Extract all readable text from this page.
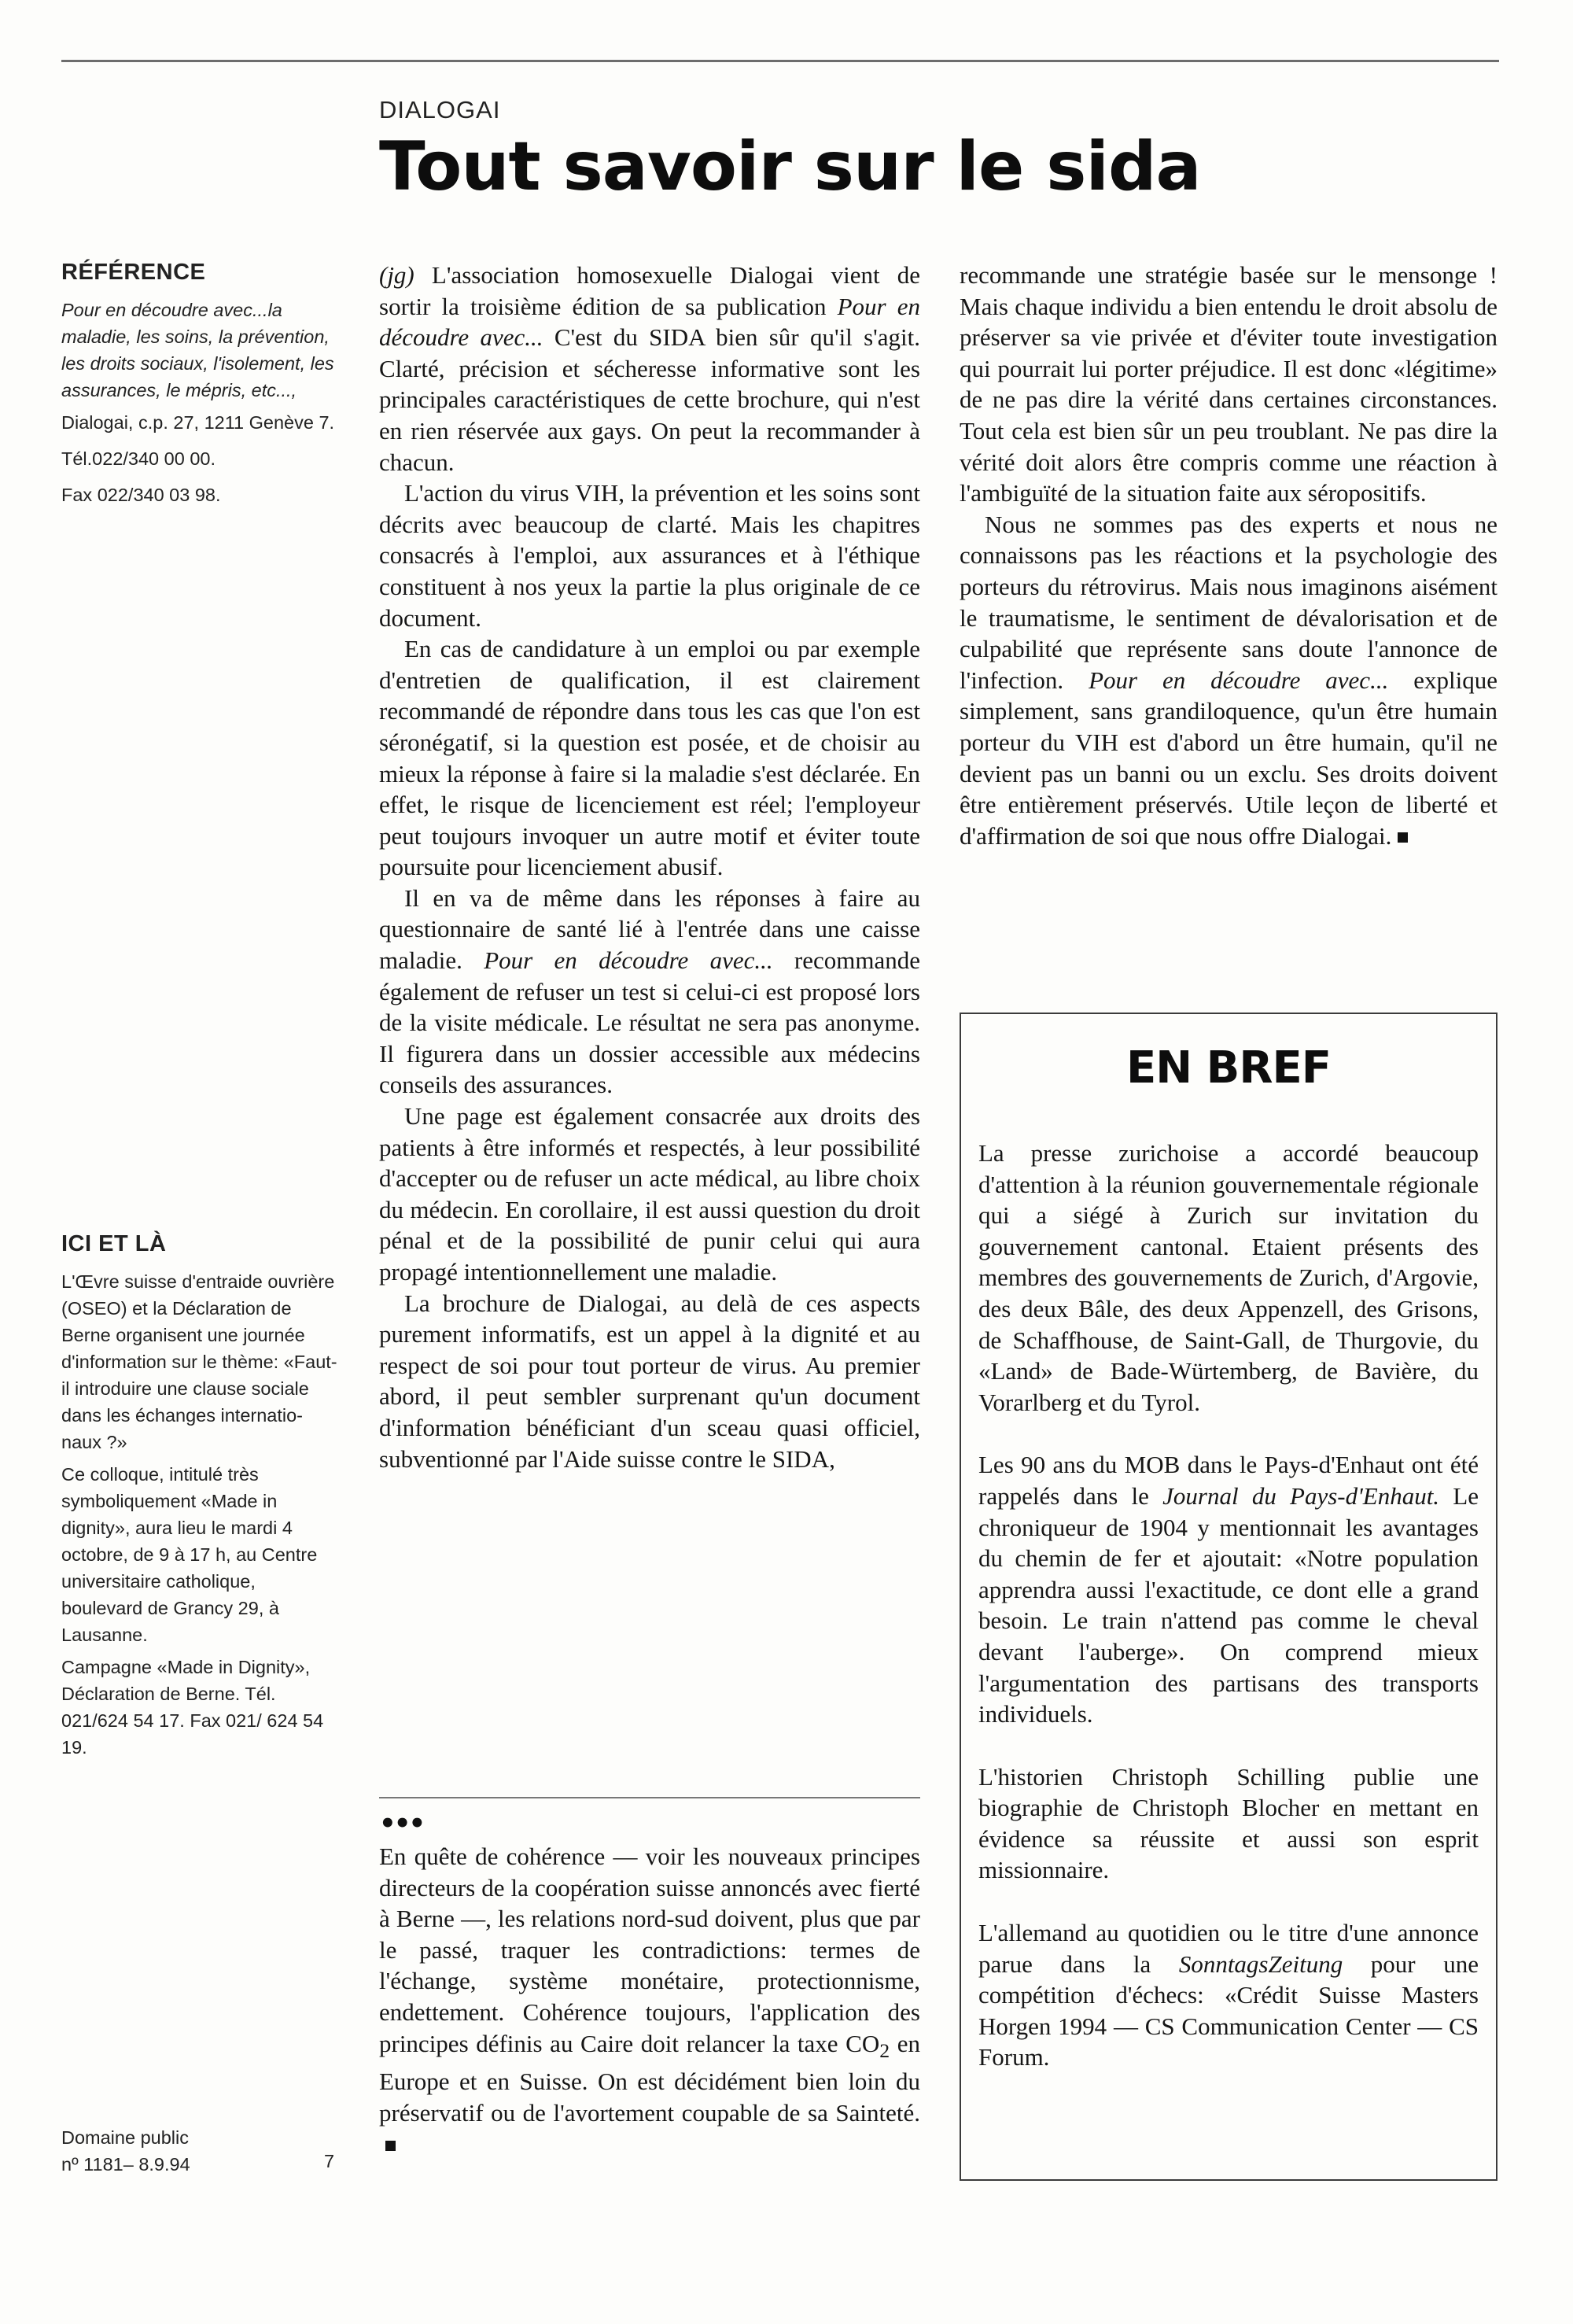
DIALOGAI
Tout savoir sur le sida
RÉFÉRENCE

Pour en découdre avec...la maladie, les soins, la prévention, les droits sociaux, l'isolement, les assurances, le mépris, etc...,

Dialogai, c.p. 27, 1211 Genève 7.

Tél.022/340 00 00.

Fax 022/340 03 98.

ICI ET LÀ

L'Œvre suisse d'entraide ouvrière (OSEO) et la Déclaration de Berne organisent une journée d'information sur le thème: «Faut-il introduire une clause sociale dans les échanges internatio-naux ?»

Ce colloque, intitulé très symboliquement «Made in dignity», aura lieu le mardi 4 octobre, de 9 à 17 h, au Centre universitaire catholique, boulevard de Grancy 29, à Lausanne.

Campagne «Made in Dignity», Déclaration de Berne. Tél. 021/624 54 17. Fax 021/ 624 54 19.

Domaine public
nº 1181– 8.9.94	7

(jg) L'association homosexuelle Dialogai vient de sortir la troisième édition de sa publication Pour en découdre avec... C'est du SIDA bien sûr qu'il s'agit. Clarté, précision et sécheresse informative sont les principales caractéristiques de cette brochure, qui n'est en rien réservée aux gays. On peut la recommander à chacun.

L'action du virus VIH, la prévention et les soins sont décrits avec beaucoup de clarté. Mais les chapitres consacrés à l'emploi, aux assurances et à l'éthique constituent à nos yeux la partie la plus originale de ce document.

En cas de candidature à un emploi ou par exemple d'entretien de qualification, il est clairement recommandé de répondre dans tous les cas que l'on est séronégatif, si la question est posée, et de choisir au mieux la réponse à faire si la maladie s'est déclarée. En effet, le risque de licenciement est réel; l'employeur peut toujours invoquer un autre motif et éviter toute poursuite pour licenciement abusif.

Il en va de même dans les réponses à faire au questionnaire de santé lié à l'entrée dans une caisse maladie. Pour en découdre avec... recommande également de refuser un test si celui-ci est proposé lors de la visite médicale. Le résultat ne sera pas anonyme. Il figurera dans un dossier accessible aux médecins conseils des assurances.

Une page est également consacrée aux droits des patients à être informés et respectés, à leur possibilité d'accepter ou de refuser un acte médical, au libre choix du médecin. En corollaire, il est aussi question du droit pénal et de la possibilité de punir celui qui aura propagé intentionnellement une maladie.

La brochure de Dialogai, au delà de ces aspects purement informatifs, est un appel à la dignité et au respect de soi pour tout porteur de virus. Au premier abord, il peut sembler surprenant qu'un document d'information bénéficiant d'un sceau quasi officiel, subventionné par l'Aide suisse contre le SIDA,

recommande une stratégie basée sur le mensonge ! Mais chaque individu a bien entendu le droit absolu de préserver sa vie privée et d'éviter toute investigation qui pourrait lui porter préjudice. Il est donc «légitime» de ne pas dire la vérité dans certaines circonstances. Tout cela est bien sûr un peu troublant. Ne pas dire la vérité doit alors être compris comme une réaction à l'ambiguïté de la situation faite aux séropositifs.

Nous ne sommes pas des experts et nous ne connaissons pas les réactions et la psychologie des porteurs du rétrovirus. Mais nous imaginons aisément le traumatisme, le sentiment de dévalorisation et de culpabilité que représente sans doute l'annonce de l'infection. Pour en découdre avec... explique simplement, sans grandiloquence, qu'un être humain porteur du VIH est d'abord un être humain, qu'il ne devient pas un banni ou un exclu. Ses droits doivent être entièrement préservés. Utile leçon de liberté et d'affirmation de soi que nous offre Dialogai.

•••

En quête de cohérence — voir les nouveaux principes directeurs de la coopération suisse annoncés avec fierté à Berne —, les relations nord-sud doivent, plus que par le passé, traquer les contradictions: termes de l'échange, système monétaire, protectionnisme, endettement. Cohérence toujours, l'application des principes définis au Caire doit relancer la taxe $CO_2$ en Europe et en Suisse. On est décidément bien loin du préservatif ou de l'avortement coupable de sa Sainteté.

EN BREF

La presse zurichoise a accordé beaucoup d'attention à la réunion gouvernementale régionale qui a siégé à Zurich sur invitation du gouvernement cantonal. Etaient présents des membres des gouvernements de Zurich, d'Argovie, des deux Bâle, des deux Appenzell, des Grisons, de Schaffhouse, de Saint-Gall, de Thurgovie, du «Land» de Bade-Würtemberg, de Bavière, du Vorarlberg et du Tyrol.

Les 90 ans du MOB dans le Pays-d'Enhaut ont été rappelés dans le Journal du Pays-d'Enhaut. Le chroniqueur de 1904 y mentionnait les avantages du chemin de fer et ajoutait: «Notre population apprendra aussi l'exactitude, ce dont elle a grand besoin. Le train n'attend pas comme le cheval devant l'auberge». On comprend mieux l'argumentation des partisans des transports individuels.

L'historien Christoph Schilling publie une biographie de Christoph Blocher en mettant en évidence sa réussite et aussi son esprit missionnaire.

L'allemand au quotidien ou le titre d'une annonce parue dans la SonntagsZeitung pour une compétition d'échecs: «Crédit Suisse Masters Horgen 1994 — CS Communication Center — CS Forum.
